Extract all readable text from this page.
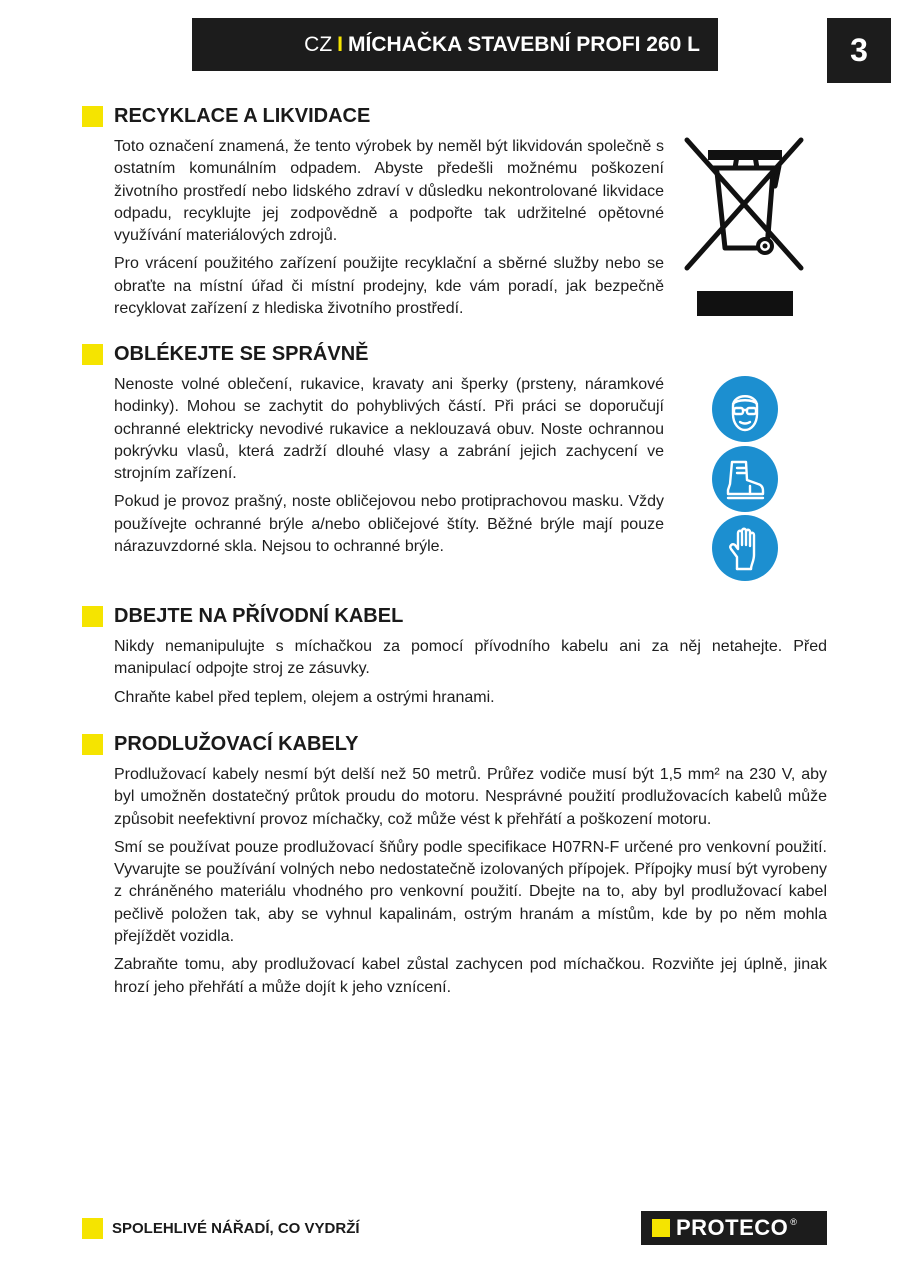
CZ I MÍCHAČKA STAVEBNÍ PROFI 260 L	3
RECYKLACE A LIKVIDACE

Toto označení znamená, že tento výrobek by neměl být likvidován společně s ostatním komunálním odpadem. Abyste předešli možnému poškození životního prostředí nebo lidského zdraví v důsledku nekontrolované likvidace odpadu, recyklujte jej zodpovědně a podpořte tak udržitelné opětovné využívání materiálových zdrojů.

Pro vrácení použitého zařízení použijte recyklační a sběrné služby nebo se obraťte na místní úřad či místní prodejny, kde vám poradí, jak bezpečně recyklovat zařízení z hlediska životního prostředí.

OBLÉKEJTE SE SPRÁVNĚ

Nenoste volné oblečení, rukavice, kravaty ani šperky (prsteny, náramkové hodinky). Mohou se zachytit do pohyblivých částí. Při práci se doporučují ochranné elektricky nevodivé rukavice a neklouzavá obuv. Noste ochrannou pokrývku vlasů, která zadrží dlouhé vlasy a zabrání jejich zachycení ve strojním zařízení.

Pokud je provoz prašný, noste obličejovou nebo protiprachovou masku. Vždy používejte ochranné brýle a/nebo obličejové štíty. Běžné brýle mají pouze nárazuvzdorné skla. Nejsou to ochranné brýle.

DBEJTE NA PŘÍVODNÍ KABEL

Nikdy nemanipulujte s míchačkou za pomocí přívodního kabelu ani za něj netahejte. Před manipulací odpojte stroj ze zásuvky.

Chraňte kabel před teplem, olejem a ostrými hranami.

PRODLUŽOVACÍ KABELY

Prodlužovací kabely nesmí být delší než 50 metrů. Průřez vodiče musí být 1,5 mm² na 230 V, aby byl umožněn dostatečný průtok proudu do motoru. Nesprávné použití prodlužovacích kabelů může způsobit neefektivní provoz míchačky, což může vést k přehřátí a poškození motoru.

Smí se používat pouze prodlužovací šňůry podle specifikace H07RN-F určené pro venkovní použití. Vyvarujte se používání volných nebo nedostatečně izolovaných přípojek. Přípojky musí být vyrobeny z chráněného materiálu vhodného pro venkovní použití. Dbejte na to, aby byl prodlužovací kabel pečlivě položen tak, aby se vyhnul kapalinám, ostrým hranám a místům, kde by po něm mohla přejíždět vozidla.

Zabraňte tomu, aby prodlužovací kabel zůstal zachycen pod míchačkou. Rozviňte jej úplně, jinak hrozí jeho přehřátí a může dojít k jeho vznícení.

SPOLEHLIVÉ NÁŘADÍ, CO VYDRŽÍ	PROTECO ®
